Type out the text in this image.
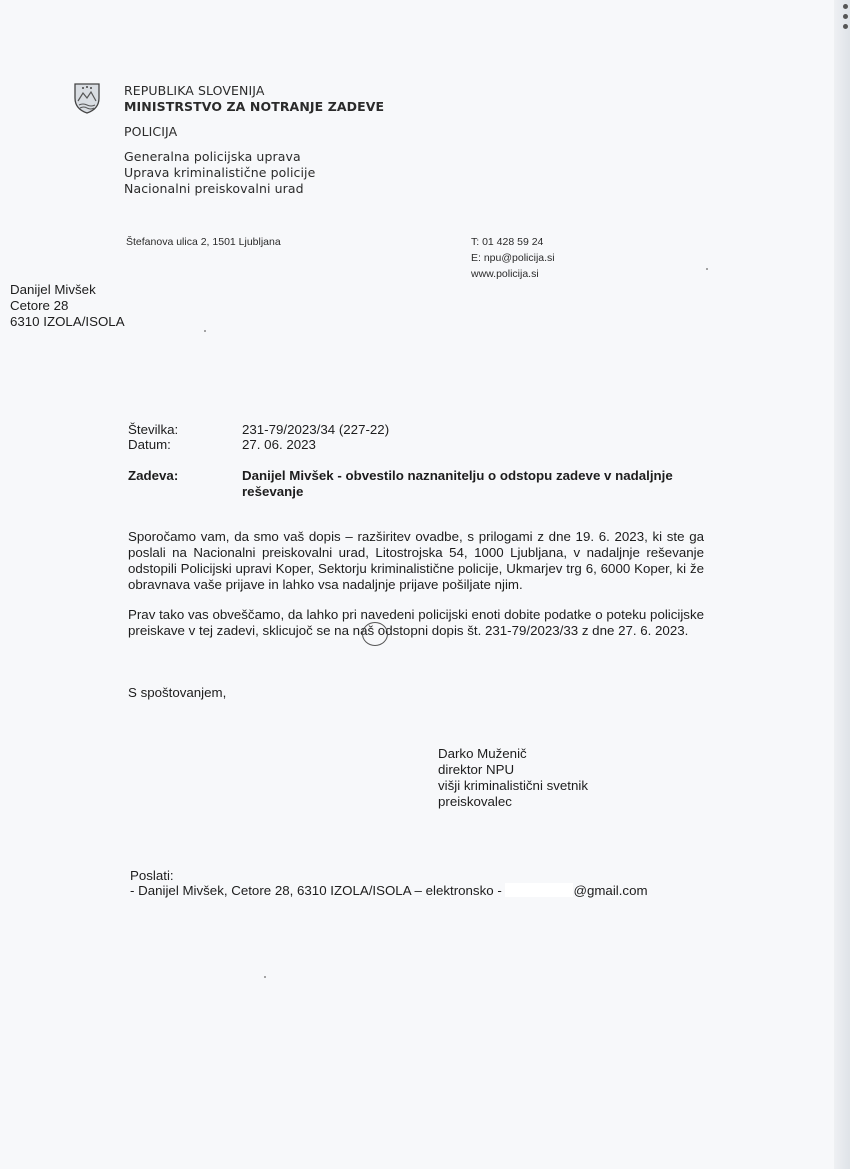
REPUBLIKA SLOVENIJA
MINISTRSTVO ZA NOTRANJE ZADEVE
POLICIJA
Generalna policijska uprava
Uprava kriminalistične policije
Nacionalni preiskovalni urad
Štefanova ulica 2, 1501 Ljubljana	T: 01 428 59 24
E: npu@policija.si
www.policija.si
Danijel Mivšek
Cetore 28
6310 IZOLA/ISOLA
Številka:	231-79/2023/34 (227-22)
Datum:	27. 06. 2023
Zadeva:	Danijel Mivšek - obvestilo naznanitelju o odstopu zadeve v nadaljnje
reševanje
Sporočamo vam, da smo vaš dopis – razširitev ovadbe, s prilogami z dne 19. 6. 2023, ki ste ga poslali na Nacionalni preiskovalni urad, Litostrojska 54, 1000 Ljubljana, v nadaljnje reševanje odstopili Policijski upravi Koper, Sektorju kriminalistične policije, Ukmarjev trg 6, 6000 Koper, ki že obravnava vaše prijave in lahko vsa nadaljnje prijave pošiljate njim.
Prav tako vas obveščamo, da lahko pri navedeni policijski enoti dobite podatke o poteku policijske preiskave v tej zadevi, sklicujoč se na naš odstopni dopis št. 231-79/2023/33 z dne 27. 6. 2023.
S spoštovanjem,
Darko Muženič
direktor NPU
višji kriminalistični svetnik
preiskovalec
Poslati:
- Danijel Mivšek, Cetore 28, 6310 IZOLA/ISOLA – elektronsko -	@gmail.com
